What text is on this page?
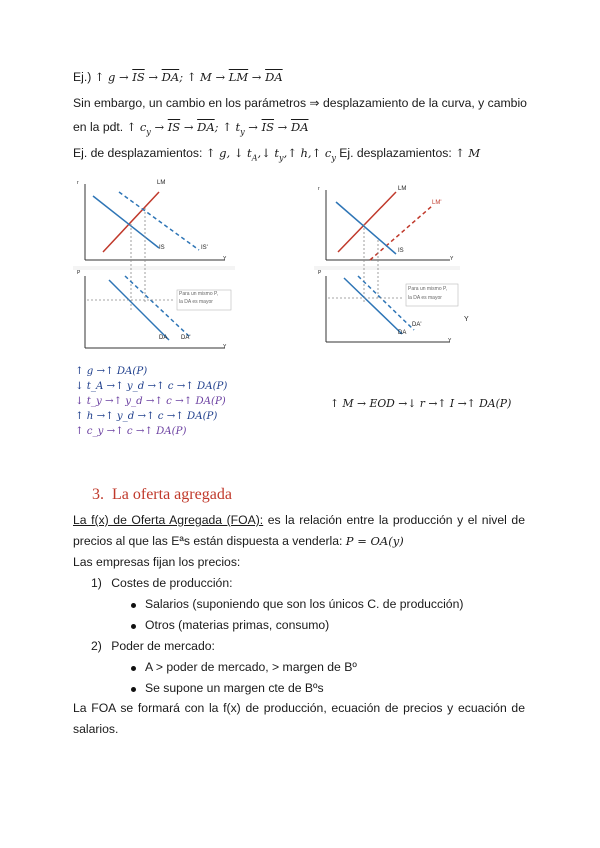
Ej.) ↑ $g \to \overline{IS} \to \overline{DA}$; ↑ $M \to \overline{LM} \to \overline{DA}$
Sin embargo, un cambio en los parámetros ⇒ desplazamiento de la curva, y cambio
en la pdt. ↑ $c_y \to \overline{IS} \to \overline{DA}$; ↑ $t_y \to \overline{IS} \to \overline{DA}$
Ej. de desplazamientos: ↑ g, ↓ $t_A,↓$ $t_y,↑$ h,↑ $c_y$ Ej. desplazamientos: ↑ M
LM
IS	IS'
r
Y
P
Y
DA DA'
Para un mismo P,
la DA es mayor
LM
LM'
IS
r
Y
P
Y
DA
DA'
Para un mismo P,
la DA es mayor
Y
↑ g →↑ DA(P)
↓ t_A →↑ y_d →↑ c →↑ DA(P)
↓ t_y →↑ y_d →↑ c →↑ DA(P)
↑ h →↑ y_d →↑ c →↑ DA(P)
↑ c_y →↑ c →↑ DA(P)
↑ M → EOD →↓ r →↑ I →↑ DA(P)
3. La oferta agregada
La f(x) de Oferta Agregada (FOA): es la relación entre la producción y el nivel de precios al que las Eªs están dispuesta a venderla: P = OA(y)
Las empresas fijan los precios:
1) Costes de producción:
Salarios (suponiendo que son los únicos C. de producción)
Otros (materias primas, consumo)
2) Poder de mercado:
A > poder de mercado, > margen de Bº
Se supone un margen cte de Bºs
La FOA se formará con la f(x) de producción, ecuación de precios y ecuación de salarios.
